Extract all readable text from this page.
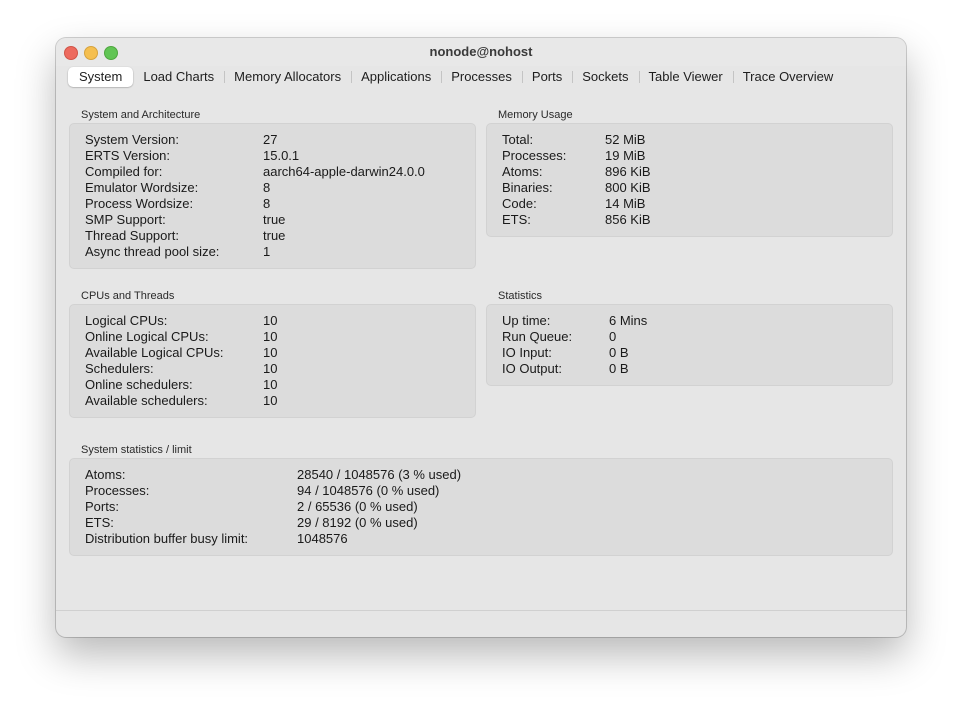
nonode@nohost
System	Load Charts	Memory Allocators	Applications	Processes	Ports	Sockets	Table Viewer	Trace Overview
System and Architecture
System Version:	27
ERTS Version:	15.0.1
Compiled for:	aarch64-apple-darwin24.0.0
Emulator Wordsize:	8
Process Wordsize:	8
SMP Support:	true
Thread Support:	true
Async thread pool size:	1
Memory Usage
Total:	52 MiB
Processes:	19 MiB
Atoms:	896 KiB
Binaries:	800 KiB
Code:	14 MiB
ETS:	856 KiB
CPUs and Threads
Logical CPUs:	10
Online Logical CPUs:	10
Available Logical CPUs:	10
Schedulers:	10
Online schedulers:	10
Available schedulers:	10
Statistics
Up time:	6 Mins
Run Queue:	0
IO Input:	0 B
IO Output:	0 B
System statistics / limit
Atoms:	28540 / 1048576 (3 % used)
Processes:	94 / 1048576 (0 % used)
Ports:	2 / 65536 (0 % used)
ETS:	29 / 8192 (0 % used)
Distribution buffer busy limit:	1048576
